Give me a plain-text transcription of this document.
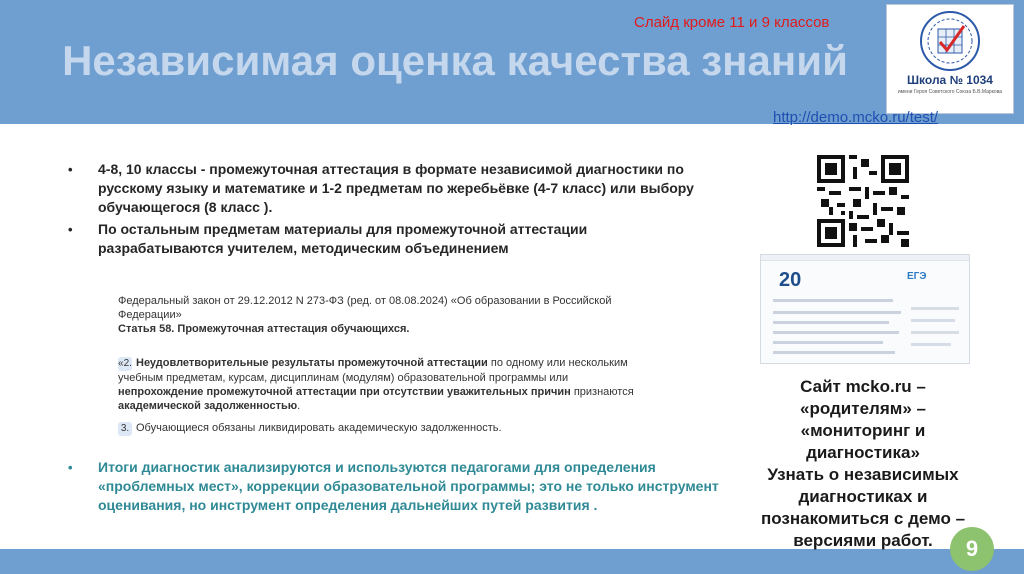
Слайд кроме 11 и 9 классов
Независимая оценка качества знаний	Школа № 1034
имени Героя Советского Союза Б.В.Маркова
http://demo.mcko.ru/test/
• 4-8, 10 классы - промежуточная аттестация в формате независимой диагностики по русскому языку и математике и 1-2 предметам по жеребьёвке (4-7 класс) или выбору обучающегося (8 класс ).
• По остальным предметам материалы для промежуточной аттестации разрабатываются учителем, методическим объединением
Федеральный закон от 29.12.2012 N 273-ФЗ (ред. от 08.08.2024) «Об образовании в Российской Федерации»
Статья 58. Промежуточная аттестация обучающихся.
«2. Неудовлетворительные результаты промежуточной аттестации по одному или нескольким учебным предметам, курсам, дисциплинам (модулям) образовательной программы или непрохождение промежуточной аттестации при отсутствии уважительных причин признаются академической задолженностью.
3. Обучающиеся обязаны ликвидировать академическую задолженность.
• Итоги диагностик анализируются и используются педагогами для определения «проблемных мест», коррекции образовательной программы; это не только инструмент оценивания, но инструмент определения дальнейших путей развития .
20	ЕГЭ
Сайт mcko.ru –
«родителям» –
«мониторинг и
диагностика»
Узнать о независимых
диагностиках и
познакомиться с демо –
версиями работ.	9
